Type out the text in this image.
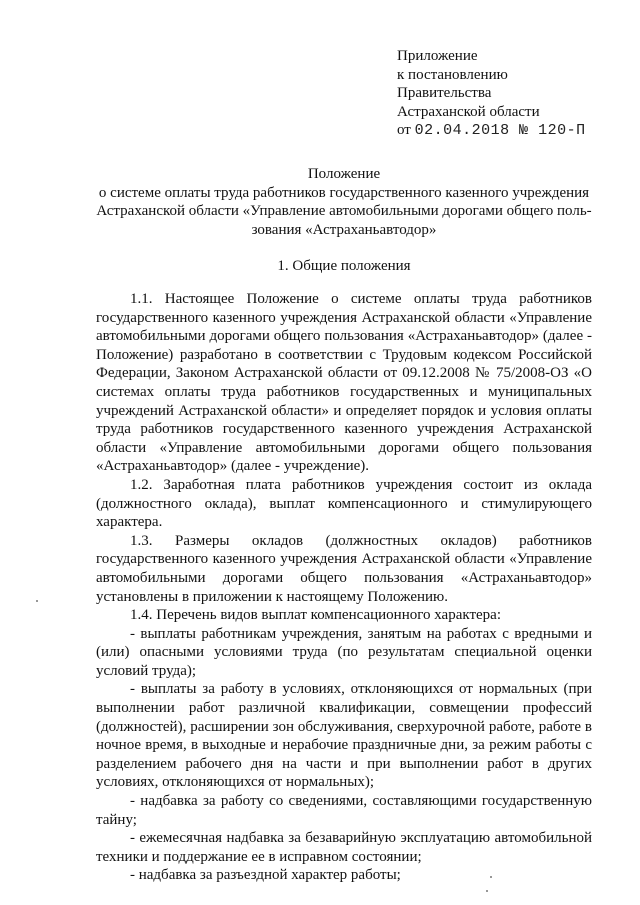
Приложение
к постановлению
Правительства
Астраханской области
от 02.04.2018 № 120-П
Положение
о системе оплаты труда работников государственного казенного учреждения
Астраханской области «Управление автомобильными дорогами общего поль-
зования «Астраханьавтодор»
1. Общие положения

1.1. Настоящее Положение о системе оплаты труда работников государственного казенного учреждения Астраханской области «Управление автомобильными дорогами общего пользования «Астраханьавтодор» (далее - Положение) разработано в соответствии с Трудовым кодексом Российской Федерации, Законом Астраханской области от 09.12.2008 № 75/2008-ОЗ «О системах оплаты труда работников государственных и муниципальных учреждений Астраханской области» и определяет порядок и условия оплаты труда работников государственного казенного учреждения Астраханской области «Управление автомобильными дорогами общего пользования «Астраханьавтодор» (далее - учреждение).

1.2. Заработная плата работников учреждения состоит из оклада (должностного оклада), выплат компенсационного и стимулирующего характера.

1.3. Размеры окладов (должностных окладов) работников государственного казенного учреждения Астраханской области «Управление автомобильными дорогами общего пользования «Астраханьавтодор» установлены в приложении к настоящему Положению.

1.4. Перечень видов выплат компенсационного характера:

- выплаты работникам учреждения, занятым на работах с вредными и (или) опасными условиями труда (по результатам специальной оценки условий труда);

- выплаты за работу в условиях, отклоняющихся от нормальных (при выполнении работ различной квалификации, совмещении профессий (должностей), расширении зон обслуживания, сверхурочной работе, работе в ночное время, в выходные и нерабочие праздничные дни, за режим работы с разделением рабочего дня на части и при выполнении работ в других условиях, отклоняющихся от нормальных);

- надбавка за работу со сведениями, составляющими государственную тайну;

- ежемесячная надбавка за безаварийную эксплуатацию автомобильной техники и поддержание ее в исправном состоянии;

- надбавка за разъездной характер работы;
